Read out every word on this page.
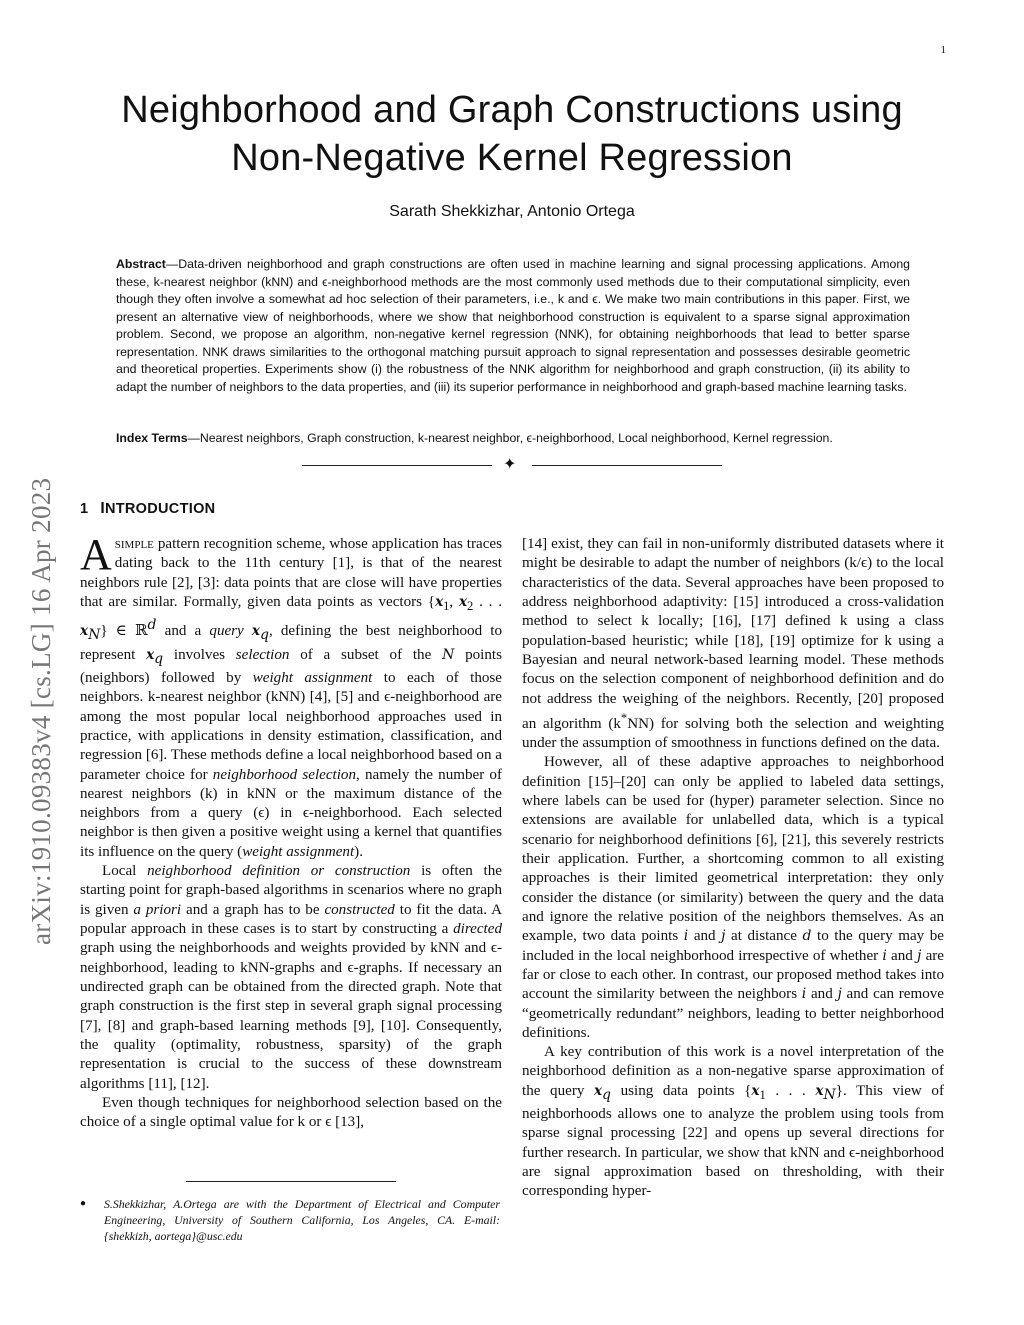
1
Neighborhood and Graph Constructions using
Non-Negative Kernel Regression
Sarath Shekkizhar, Antonio Ortega
Abstract—Data-driven neighborhood and graph constructions are often used in machine learning and signal processing applications. Among these, k-nearest neighbor (kNN) and ϵ-neighborhood methods are the most commonly used methods due to their computational simplicity, even though they often involve a somewhat ad hoc selection of their parameters, i.e., k and ϵ. We make two main contributions in this paper. First, we present an alternative view of neighborhoods, where we show that neighborhood construction is equivalent to a sparse signal approximation problem. Second, we propose an algorithm, non-negative kernel regression (NNK), for obtaining neighborhoods that lead to better sparse representation. NNK draws similarities to the orthogonal matching pursuit approach to signal representation and possesses desirable geometric and theoretical properties. Experiments show (i) the robustness of the NNK algorithm for neighborhood and graph construction, (ii) its ability to adapt the number of neighbors to the data properties, and (iii) its superior performance in neighborhood and graph-based machine learning tasks.
Index Terms—Nearest neighbors, Graph construction, k-nearest neighbor, ϵ-neighborhood, Local neighborhood, Kernel regression.
✦
arXiv:1910.09383v4 [cs.LG] 16 Apr 2023 1 INTRODUCTION

Asimple pattern recognition scheme, whose application has traces dating back to the 11th century [1], is that of the nearest neighbors rule [2], [3]: data points that are close will have properties that are similar. Formally, given data points as vectors {$x_1$, $x_2$ . . . $x_N$} ∈ ℝ$^d$ and a query $x_q$, defining the best neighborhood to represent $x_q$ involves selection of a subset of the N points (neighbors) followed by weight assignment to each of those neighbors. k-nearest neighbor (kNN) [4], [5] and ϵ-neighborhood are among the most popular local neighborhood approaches used in practice, with applications in density estimation, classification, and regression [6]. These methods define a local neighborhood based on a parameter choice for neighborhood selection, namely the number of nearest neighbors (k) in kNN or the maximum distance of the neighbors from a query (ϵ) in ϵ-neighborhood. Each selected neighbor is then given a positive weight using a kernel that quantifies its influence on the query (weight assignment).

Local neighborhood definition or construction is often the starting point for graph-based algorithms in scenarios where no graph is given a priori and a graph has to be constructed to fit the data. A popular approach in these cases is to start by constructing a directed graph using the neighborhoods and weights provided by kNN and ϵ-neighborhood, leading to kNN-graphs and ϵ-graphs. If necessary an undirected graph can be obtained from the directed graph. Note that graph construction is the first step in several graph signal processing [7], [8] and graph-based learning methods [9], [10]. Consequently, the quality (optimality, robustness, sparsity) of the graph representation is crucial to the success of these downstream algorithms [11], [12].

Even though techniques for neighborhood selection based on the choice of a single optimal value for k or ϵ [13],

[14] exist, they can fail in non-uniformly distributed datasets where it might be desirable to adapt the number of neighbors (k/ϵ) to the local characteristics of the data. Several approaches have been proposed to address neighborhood adaptivity: [15] introduced a cross-validation method to select k locally; [16], [17] defined k using a class population-based heuristic; while [18], [19] optimize for k using a Bayesian and neural network-based learning model. These methods focus on the selection component of neighborhood definition and do not address the weighing of the neighbors. Recently, [20] proposed an algorithm (k*NN) for solving both the selection and weighting under the assumption of smoothness in functions defined on the data.

However, all of these adaptive approaches to neighborhood definition [15]–[20] can only be applied to labeled data settings, where labels can be used for (hyper) parameter selection. Since no extensions are available for unlabelled data, which is a typical scenario for neighborhood definitions [6], [21], this severely restricts their application. Further, a shortcoming common to all existing approaches is their limited geometrical interpretation: they only consider the distance (or similarity) between the query and the data and ignore the relative position of the neighbors themselves. As an example, two data points i and j at distance d to the query may be included in the local neighborhood irrespective of whether i and j are far or close to each other. In contrast, our proposed method takes into account the similarity between the neighbors i and j and can remove “geometrically redundant” neighbors, leading to better neighborhood definitions.

A key contribution of this work is a novel interpretation of the neighborhood definition as a non-negative sparse approximation of the query $x_q$ using data points {$x_1$ . . . $x_N$}. This view of neighborhoods allows one to analyze the problem using tools from sparse signal processing [22] and opens up several directions for further research. In particular, we show that kNN and ϵ-neighborhood are signal approximation based on thresholding, with their corresponding hyper-

● S.Shekkizhar, A.Ortega are with the Department of Electrical and Computer Engineering, University of Southern California, Los Angeles, CA. E-mail: {shekkizh, aortega}@usc.edu
